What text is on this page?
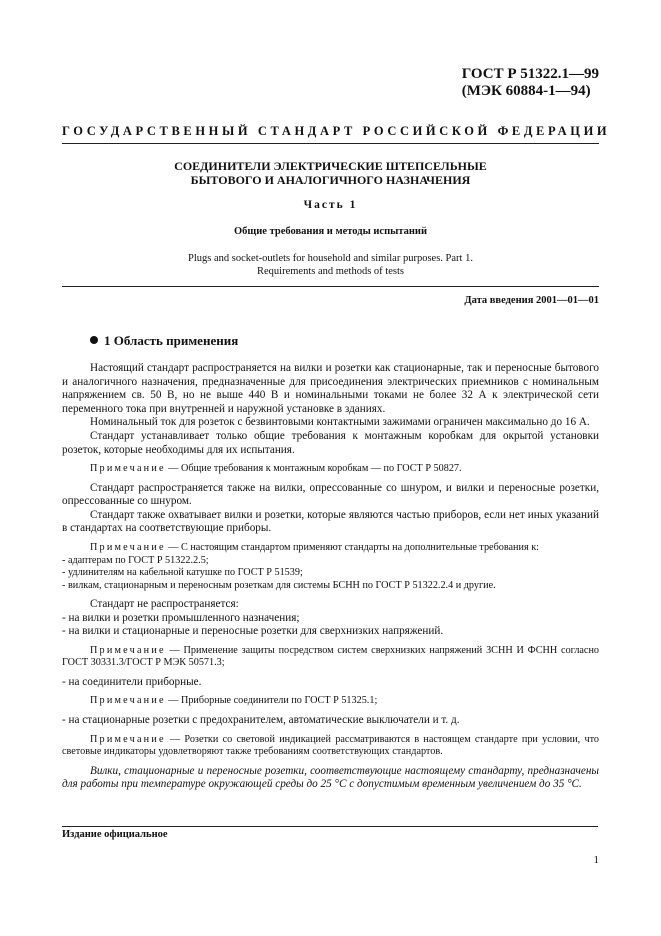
ГОСТ Р 51322.1—99
(МЭК 60884-1—94)
ГОСУДАРСТВЕННЫЙ СТАНДАРТ РОССИЙСКОЙ ФЕДЕРАЦИИ
СОЕДИНИТЕЛИ ЭЛЕКТРИЧЕСКИЕ ШТЕПСЕЛЬНЫЕ
БЫТОВОГО И АНАЛОГИЧНОГО НАЗНАЧЕНИЯ
Часть 1
Общие требования и методы испытаний
Plugs and socket-outlets for household and similar purposes. Part 1.
Requirements and methods of tests
Дата введения 2001—01—01
1 Область применения

Настоящий стандарт распространяется на вилки и розетки как стационарные, так и переносные бытового и аналогичного назначения, предназначенные для присоединения электрических приемников с номинальным напряжением св. 50 В, но не выше 440 В и номинальными токами не более 32 А к электрической сети переменного тока при внутренней и наружной установке в зданиях.

Номинальный ток для розеток с безвинтовыми контактными зажимами ограничен максимально до 16 А.

Стандарт устанавливает только общие требования к монтажным коробкам для окрытой установки розеток, которые необходимы для их испытания.

Примечание — Общие требования к монтажным коробкам — по ГОСТ Р 50827.

Стандарт распространяется также на вилки, опрессованные со шнуром, и вилки и переносные розетки, опрессованные со шнуром.

Стандарт также охватывает вилки и розетки, которые являются частью приборов, если нет иных указаний в стандартах на соответствующие приборы.

Примечание — С настоящим стандартом применяют стандарты на дополнительные требования к:

- адаптерам по ГОСТ Р 51322.2.5;

- удлинителям на кабельной катушке по ГОСТ Р 51539;

- вилкам, стационарным и переносным розеткам для системы БСНН по ГОСТ Р 51322.2.4 и другие.

Стандарт не распространяется:

- на вилки и розетки промышленного назначения;

- на вилки и стационарные и переносные розетки для сверхнизких напряжений.

Примечание — Применение защиты посредством систем сверхнизких напряжений ЗСНН И ФСНН согласно ГОСТ 30331.3/ГОСТ Р МЭК 50571.3;

- на соединители приборные.

Примечание — Приборные соединители по ГОСТ Р 51325.1;

- на стационарные розетки с предохранителем, автоматические выключатели и т. д.

Примечание — Розетки со световой индикацией рассматриваются в настоящем стандарте при условии, что световые индикаторы удовлетворяют также требованиям соответствующих стандартов.

Вилки, стационарные и переносные розетки, соответствующие настоящему стандарту, предназначены для работы при температуре окружающей среды до 25 °С с допустимым временным увеличением до 35 °С.

Издание официальное
1
